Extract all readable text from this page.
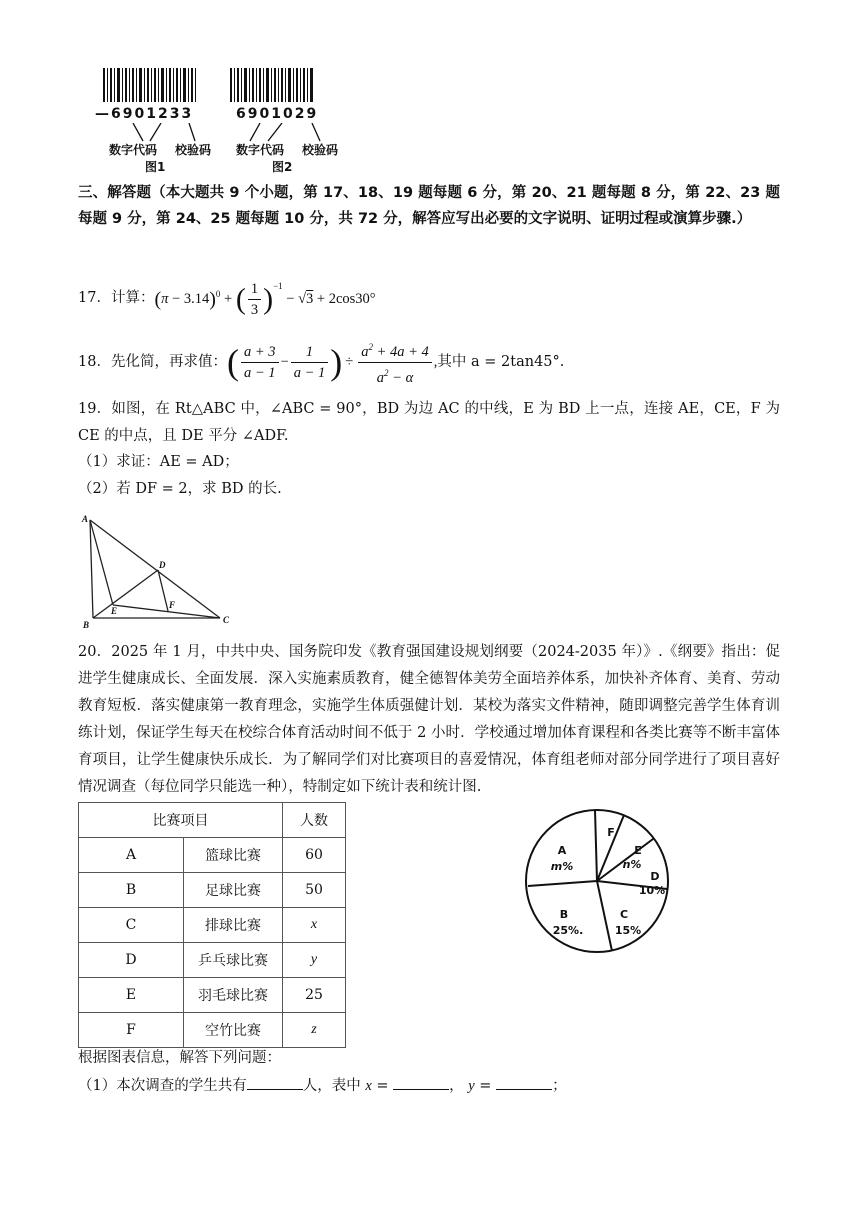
—6901233
数字代码 校验码
图1
6901029
数字代码 校验码
图2
三、解答题（本大题共 9 个小题，第 17、18、19 题每题 6 分，第 20、21 题每题 8 分，第 22、23 题每题 9 分，第 24、25 题每题 10 分，共 72 分，解答应写出必要的文字说明、证明过程或演算步骤.）
17．计算： $(\pi - 3.14)^0$ + ( $\frac{1}{3} )^{-1} - √3 + 2\cos 30^\circ$
18．先化简，再求值： ( $\frac{a + 3}{a - 1} - \frac{1}{a - 1}$ ) ÷ $\frac{a^2 + 4a + 4}{a^2 - \alpha}$ , 其中 a = 2tan45°.
19．如图，在 Rt△ABC 中，∠ABC = 90°，BD 为边 AC 的中线，E 为 BD 上一点，连接 AE，CE，F 为 CE 的中点，且 DE 平分 ∠ADF.
（1）求证：AE = AD；
（2）若 DF = 2，求 BD 的长.
A
B	C
D
E
F
20．2025 年 1 月，中共中央、国务院印发《教育强国建设规划纲要（2024-2035 年）》.《纲要》指出：促进学生健康成长、全面发展．深入实施素质教育，健全德智体美劳全面培养体系，加快补齐体育、美育、劳动教育短板．落实健康第一教育理念，实施学生体质强健计划．某校为落实文件精神，随即调整完善学生体育训练计划，保证学生每天在校综合体育活动时间不低于 2 小时．学校通过增加体育课程和各类比赛等不断丰富体育项目，让学生健康快乐成长．为了解同学们对比赛项目的喜爱情况，体育组老师对部分同学进行了项目喜好情况调查（每位同学只能选一种），特制定如下统计表和统计图.
比赛项目		人数
A	篮球比赛	60
B	足球比赛	50
C	排球比赛	x
D	乒乓球比赛	y
E	羽毛球比赛	25
F	空竹比赛	z
A
m%
B
25%.
C
15%
D
10%
E
n%
F
根据图表信息，解答下列问题：
（1）本次调查的学生共有	人，表中 x =	， y =	；
